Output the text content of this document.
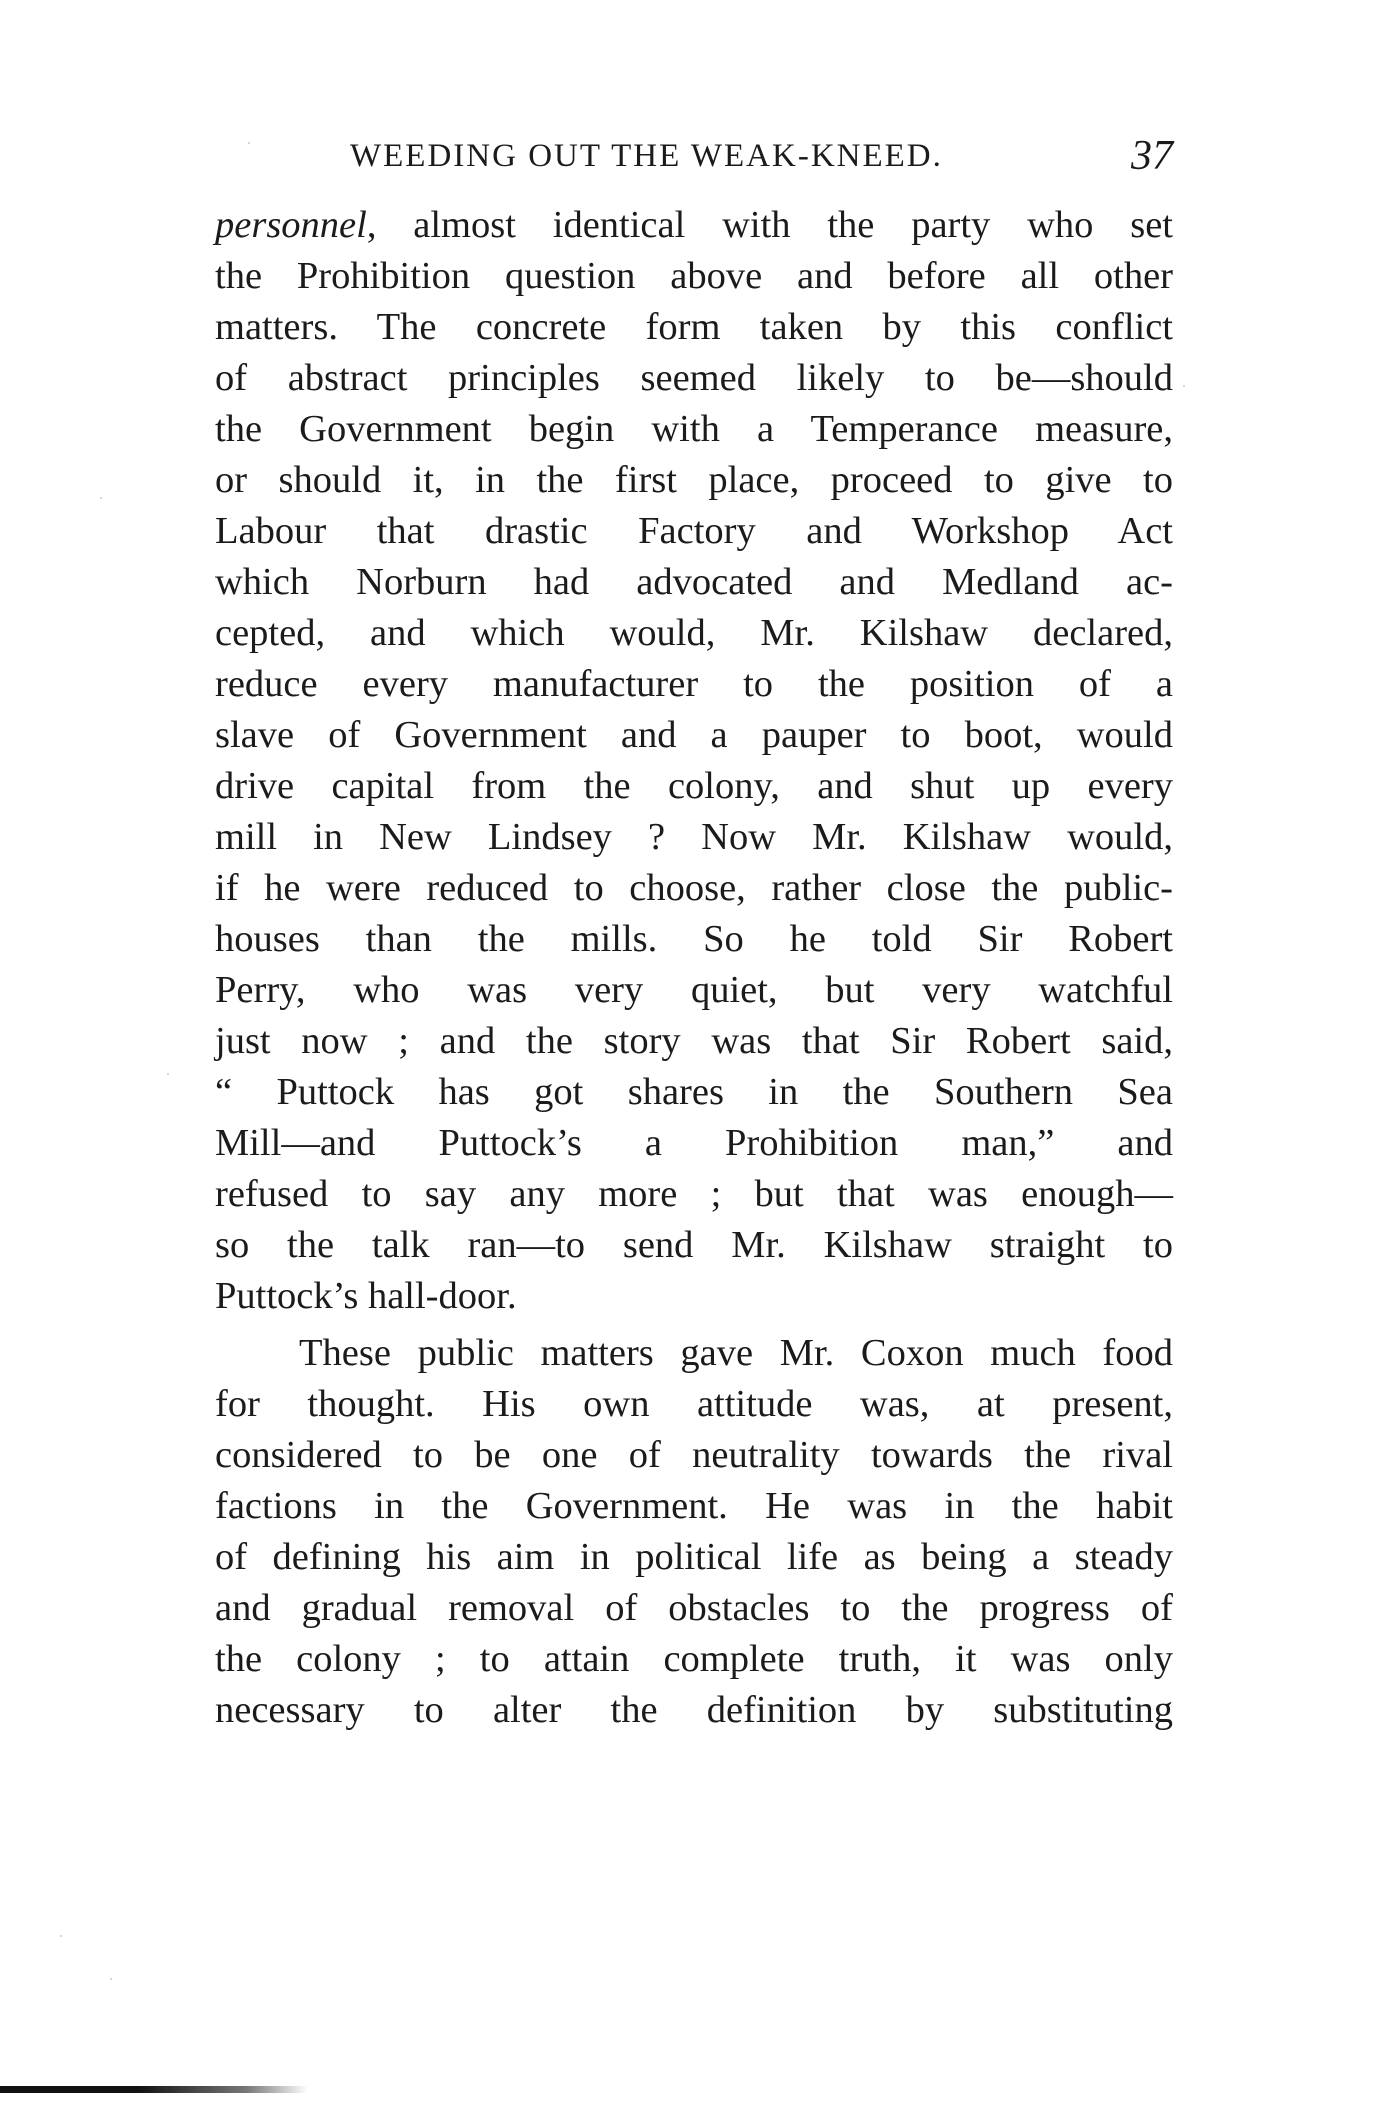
WEEDING OUT THE WEAK-KNEED.	37
personnel, almost identical with the party who set
the Prohibition question above and before all other
matters. The concrete form taken by this conflict
of abstract principles seemed likely to be—should
the Government begin with a Temperance measure,
or should it, in the first place, proceed to give to
Labour that drastic Factory and Workshop Act
which Norburn had advocated and Medland ac-
cepted, and which would, Mr. Kilshaw declared,
reduce every manufacturer to the position of a
slave of Government and a pauper to boot, would
drive capital from the colony, and shut up every
mill in New Lindsey ? Now Mr. Kilshaw would,
if he were reduced to choose, rather close the public-
houses than the mills. So he told Sir Robert
Perry, who was very quiet, but very watchful
just now ; and the story was that Sir Robert said,
“ Puttock has got shares in the Southern Sea
Mill—and Puttock’s a Prohibition man,” and
refused to say any more ; but that was enough—
so the talk ran—to send Mr. Kilshaw straight to
Puttock’s hall-door.
These public matters gave Mr. Coxon much food
for thought. His own attitude was, at present,
considered to be one of neutrality towards the rival
factions in the Government. He was in the habit
of defining his aim in political life as being a steady
and gradual removal of obstacles to the progress of
the colony ; to attain complete truth, it was only
necessary to alter the definition by substituting
